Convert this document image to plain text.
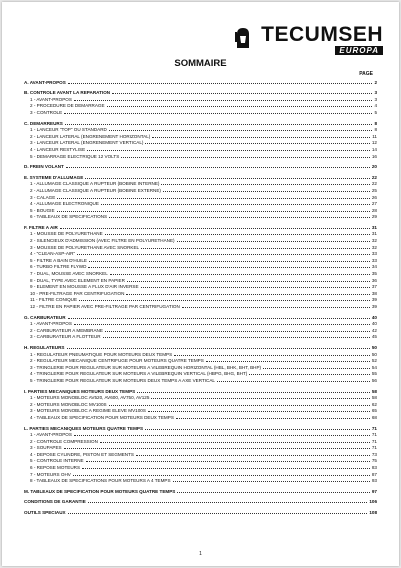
TECUMSEH
EUROPA
SOMMAIRE
PAGE
A. AVANT-PROPOS	2
B. CONTROLE AVANT LA REPARATION	3
1 - AVANT-PROPOS	3
2 - PROCEDURE DE DEMARRAGE	4
3 - CONTROLE	5
C. DEMARREURS	8
1 - LANCEUR "TOP" OU STANDARD	8
2 - LANCEUR LATERAL (ENGRENEMENT HORIZONTAL)	11
3 - LANCEUR LATERAL (ENGRENEMENT VERTICAL)	12
4 - LANCEUR RESTYLISE	14
5 - DEMARRAGE ELECTRIQUE 12 VOLTS	16
D. FREIN VOLANT	20
E. SYSTEME D'ALLUMAGE	22
1 - ALLUMAGE CLASSIQUE A RUPTEUR (BOBINE INTERNE)	22
2 - ALLUMAGE CLASSIQUE A RUPTEUR (BOBINE EXTERNE)	25
3 - CALAGE	26
4 - ALLUMAGE ELECTRONIQUE	27
5 - BOUGIE	28
6 - TABLEAUX DE SPECIFICATIONS	29
F. FILTRE A AIR	31
1 - MOUSSE DE POLYURETHANE	31
2 - SILENCIEUX D'ADMISSION (AVEC FILTRE EN POLYURETHANE)	32
3 - MOUSSE DE POLYURETHANE AVEC SNORKEL	32
4 - "CLEAN-ASP-AIR"	33
5 - FILTRE A BAIN D'HUILE	33
6 - TURBO FILTRE FLYWD	34
7 - DUAL, MOUSSE AVEC SNORKEL	35
8 - DUAL, TYPE AVEC ELEMENT EN PAPIER	36
9 - ELEMENT EN MOUSSE A FLUX D'AIR INVERSE	37
10 - PRE-FILTRAGE PAR CENTRIFUGATION	38
11 - FILTRE CONIQUE	39
12 - FILTRE EN PAPIER AVEC PRE-FILTRAGE PAR CENTRIFUGATION	39
G. CARBURATEUR	40
1 - AVANT-PROPOS	40
2 - CARBURATEUR A MEMBRANE	42
3 - CARBURATEUR A FLOTTEUR	45
H. REGULATEURS	50
1 - REGULATEUR PNEUMATIQUE POUR MOTEURS DEUX TEMPS	50
2 - REGULATEUR MECANIQUE CENTRIFUGE POUR MOTEURS QUATRE TEMPS	52
3 - TRINGLERIE POUR REGULATEUR SUR MOTEURS A VILEBREQUIN HORIZONTAL (HBL, BHK, BHT, BHP)	54
4 - TRINGLERIE POUR REGULATEUR SUR MOTEURS A VILEBREQUIN VERTICAL (HBPG, BHG, BHT)	55
5 - TRINGLERIE POUR REGULATEUR SUR MOTEURS DEUX TEMPS A AXE VERTICAL	56
I. PARTIES MECANIQUES MOTEURS DEUX TEMPS	58
1 - MOTEURS MONOBLOC AV520, AV600, AV750, AV125	58
2 - MOTEURS MONOBLOC MV100S	62
3 - MOTEURS MONOBLOC A REGIME ELEVE MV100S	65
4 - TABLEAUX DE SPECIFICATION POUR MOTEURS DEUX TEMPS	68
L. PARTIES MECANIQUES MOTEURS QUATRE TEMPS	71
1 - AVANT-PROPOS	71
2 - CONTROLE COMPRESSION	71
3 - SOUPAPES	71
4 - DEPOSE CYLINDRE, PISTON ET SEGMENTS	73
5 - CONTROLE INTERNE	75
6 - REPOSE MOTEURS	83
7 - MOTEURS OHV	87
8 - TABLEAUX DE SPECIFICATIONS POUR MOTEURS A 4 TEMPS	93
M. TABLEAUX DE SPECIFICATION POUR MOTEURS QUATRE TEMPS	97
CONDITIONS DE GARANTIE	106
OUTILS SPECIAUX	108
1
